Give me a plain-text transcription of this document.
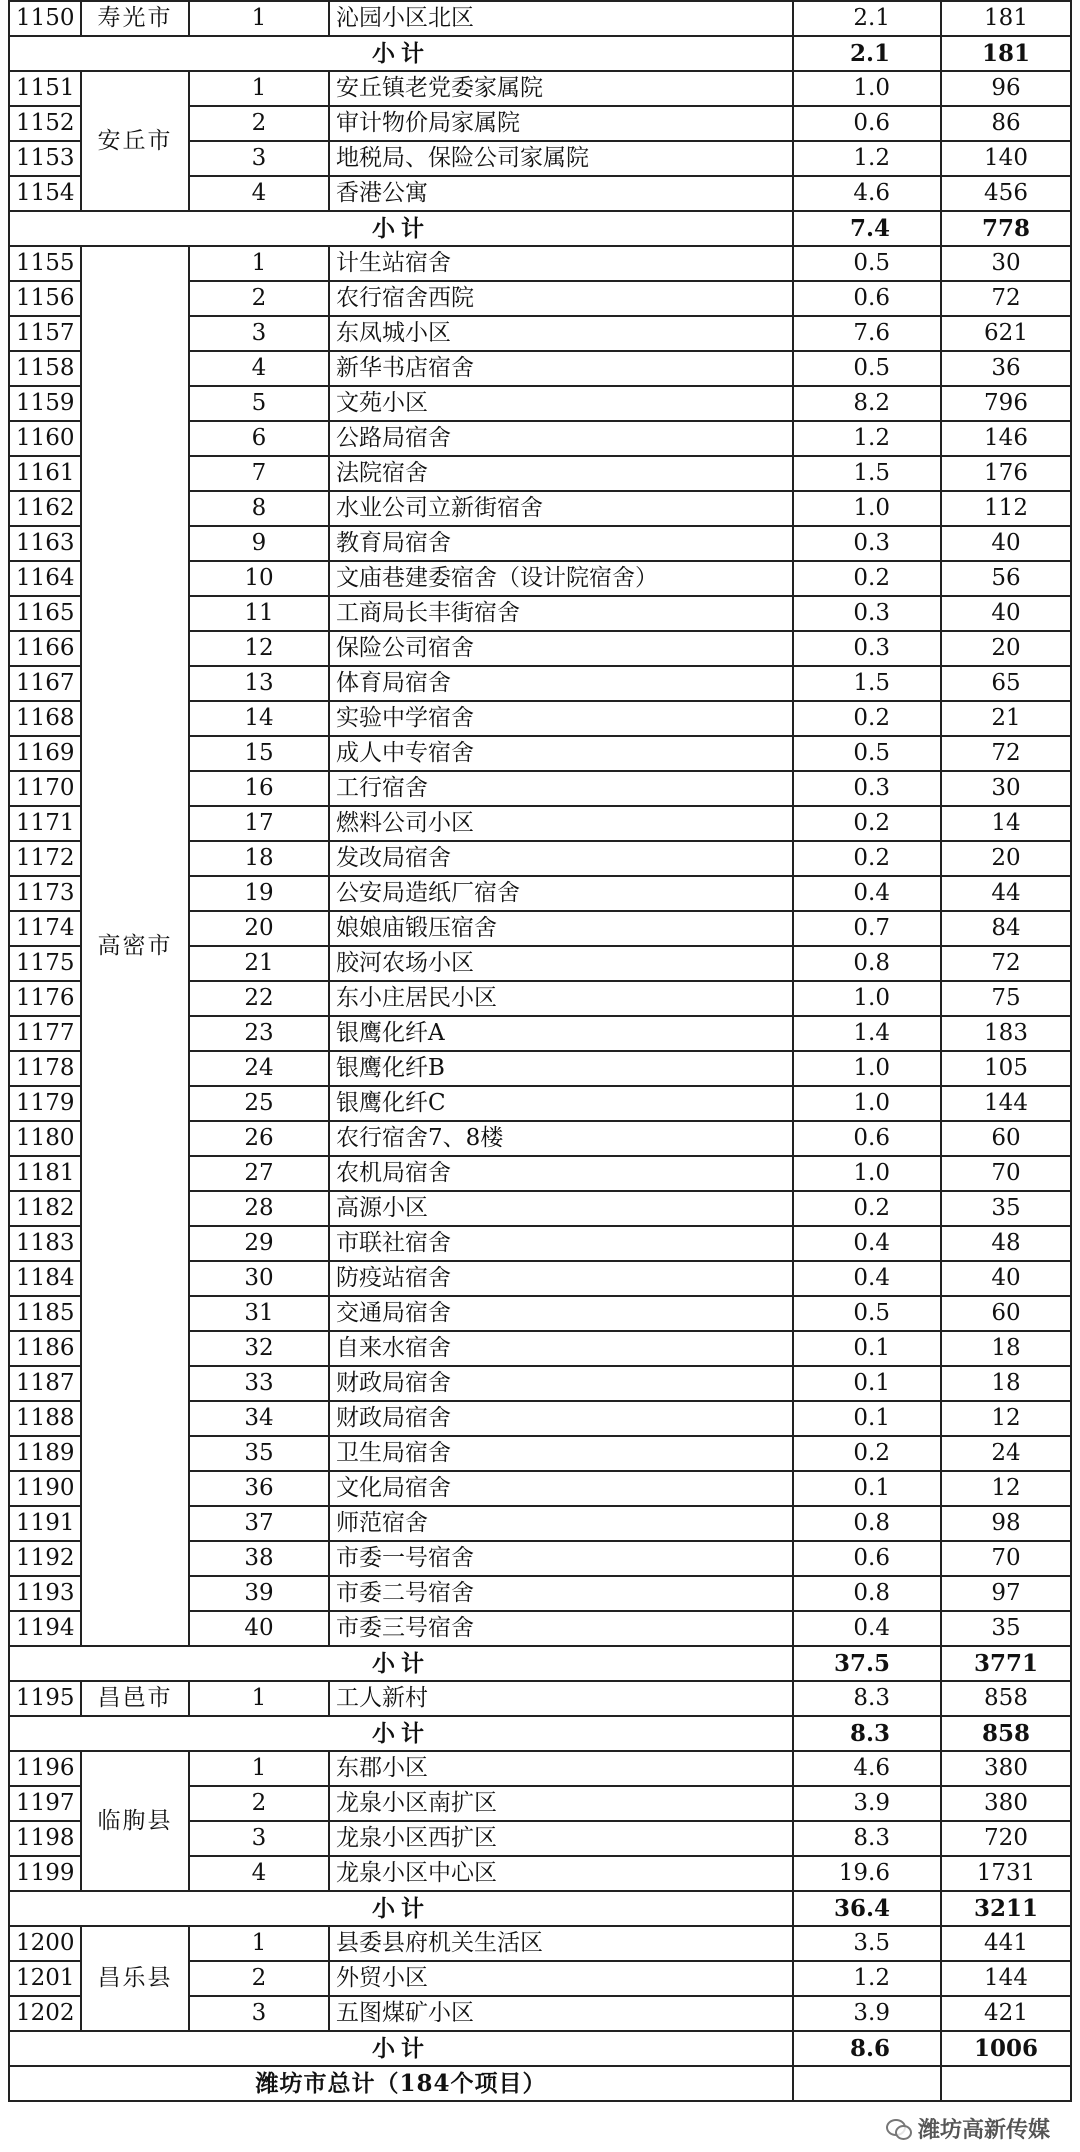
1150	寿光市	1	沁园小区北区	2.1	181
小计				2.1	181
1151	安丘市	1	安丘镇老党委家属院	1.0	96
1152		2	审计物价局家属院	0.6	86
1153		3	地税局、保险公司家属院	1.2	140
1154		4	香港公寓	4.6	456
小计				7.4	778
1155	高密市	1	计生站宿舍	0.5	30
1156		2	农行宿舍西院	0.6	72
1157		3	东凤城小区	7.6	621
1158		4	新华书店宿舍	0.5	36
1159		5	文苑小区	8.2	796
1160		6	公路局宿舍	1.2	146
1161		7	法院宿舍	1.5	176
1162		8	水业公司立新街宿舍	1.0	112
1163		9	教育局宿舍	0.3	40
1164		10	文庙巷建委宿舍（设计院宿舍）	0.2	56
1165		11	工商局长丰街宿舍	0.3	40
1166		12	保险公司宿舍	0.3	20
1167		13	体育局宿舍	1.5	65
1168		14	实验中学宿舍	0.2	21
1169		15	成人中专宿舍	0.5	72
1170		16	工行宿舍	0.3	30
1171		17	燃料公司小区	0.2	14
1172		18	发改局宿舍	0.2	20
1173		19	公安局造纸厂宿舍	0.4	44
1174		20	娘娘庙锻压宿舍	0.7	84
1175		21	胶河农场小区	0.8	72
1176		22	东小庄居民小区	1.0	75
1177		23	银鹰化纤A	1.4	183
1178		24	银鹰化纤B	1.0	105
1179		25	银鹰化纤C	1.0	144
1180		26	农行宿舍7、8楼	0.6	60
1181		27	农机局宿舍	1.0	70
1182		28	高源小区	0.2	35
1183		29	市联社宿舍	0.4	48
1184		30	防疫站宿舍	0.4	40
1185		31	交通局宿舍	0.5	60
1186		32	自来水宿舍	0.1	18
1187		33	财政局宿舍	0.1	18
1188		34	财政局宿舍	0.1	12
1189		35	卫生局宿舍	0.2	24
1190		36	文化局宿舍	0.1	12
1191		37	师范宿舍	0.8	98
1192		38	市委一号宿舍	0.6	70
1193		39	市委二号宿舍	0.8	97
1194		40	市委三号宿舍	0.4	35
小计				37.5	3771
1195	昌邑市	1	工人新村	8.3	858
小计				8.3	858
1196	临朐县	1	东郡小区	4.6	380
1197		2	龙泉小区南扩区	3.9	380
1198		3	龙泉小区西扩区	8.3	720
1199		4	龙泉小区中心区	19.6	1731
小计				36.4	3211
1200	昌乐县	1	县委县府机关生活区	3.5	441
1201		2	外贸小区	1.2	144
1202		3	五图煤矿小区	3.9	421
小计				8.6	1006
潍坊市总计（184个项目）					
潍坊高新传媒
